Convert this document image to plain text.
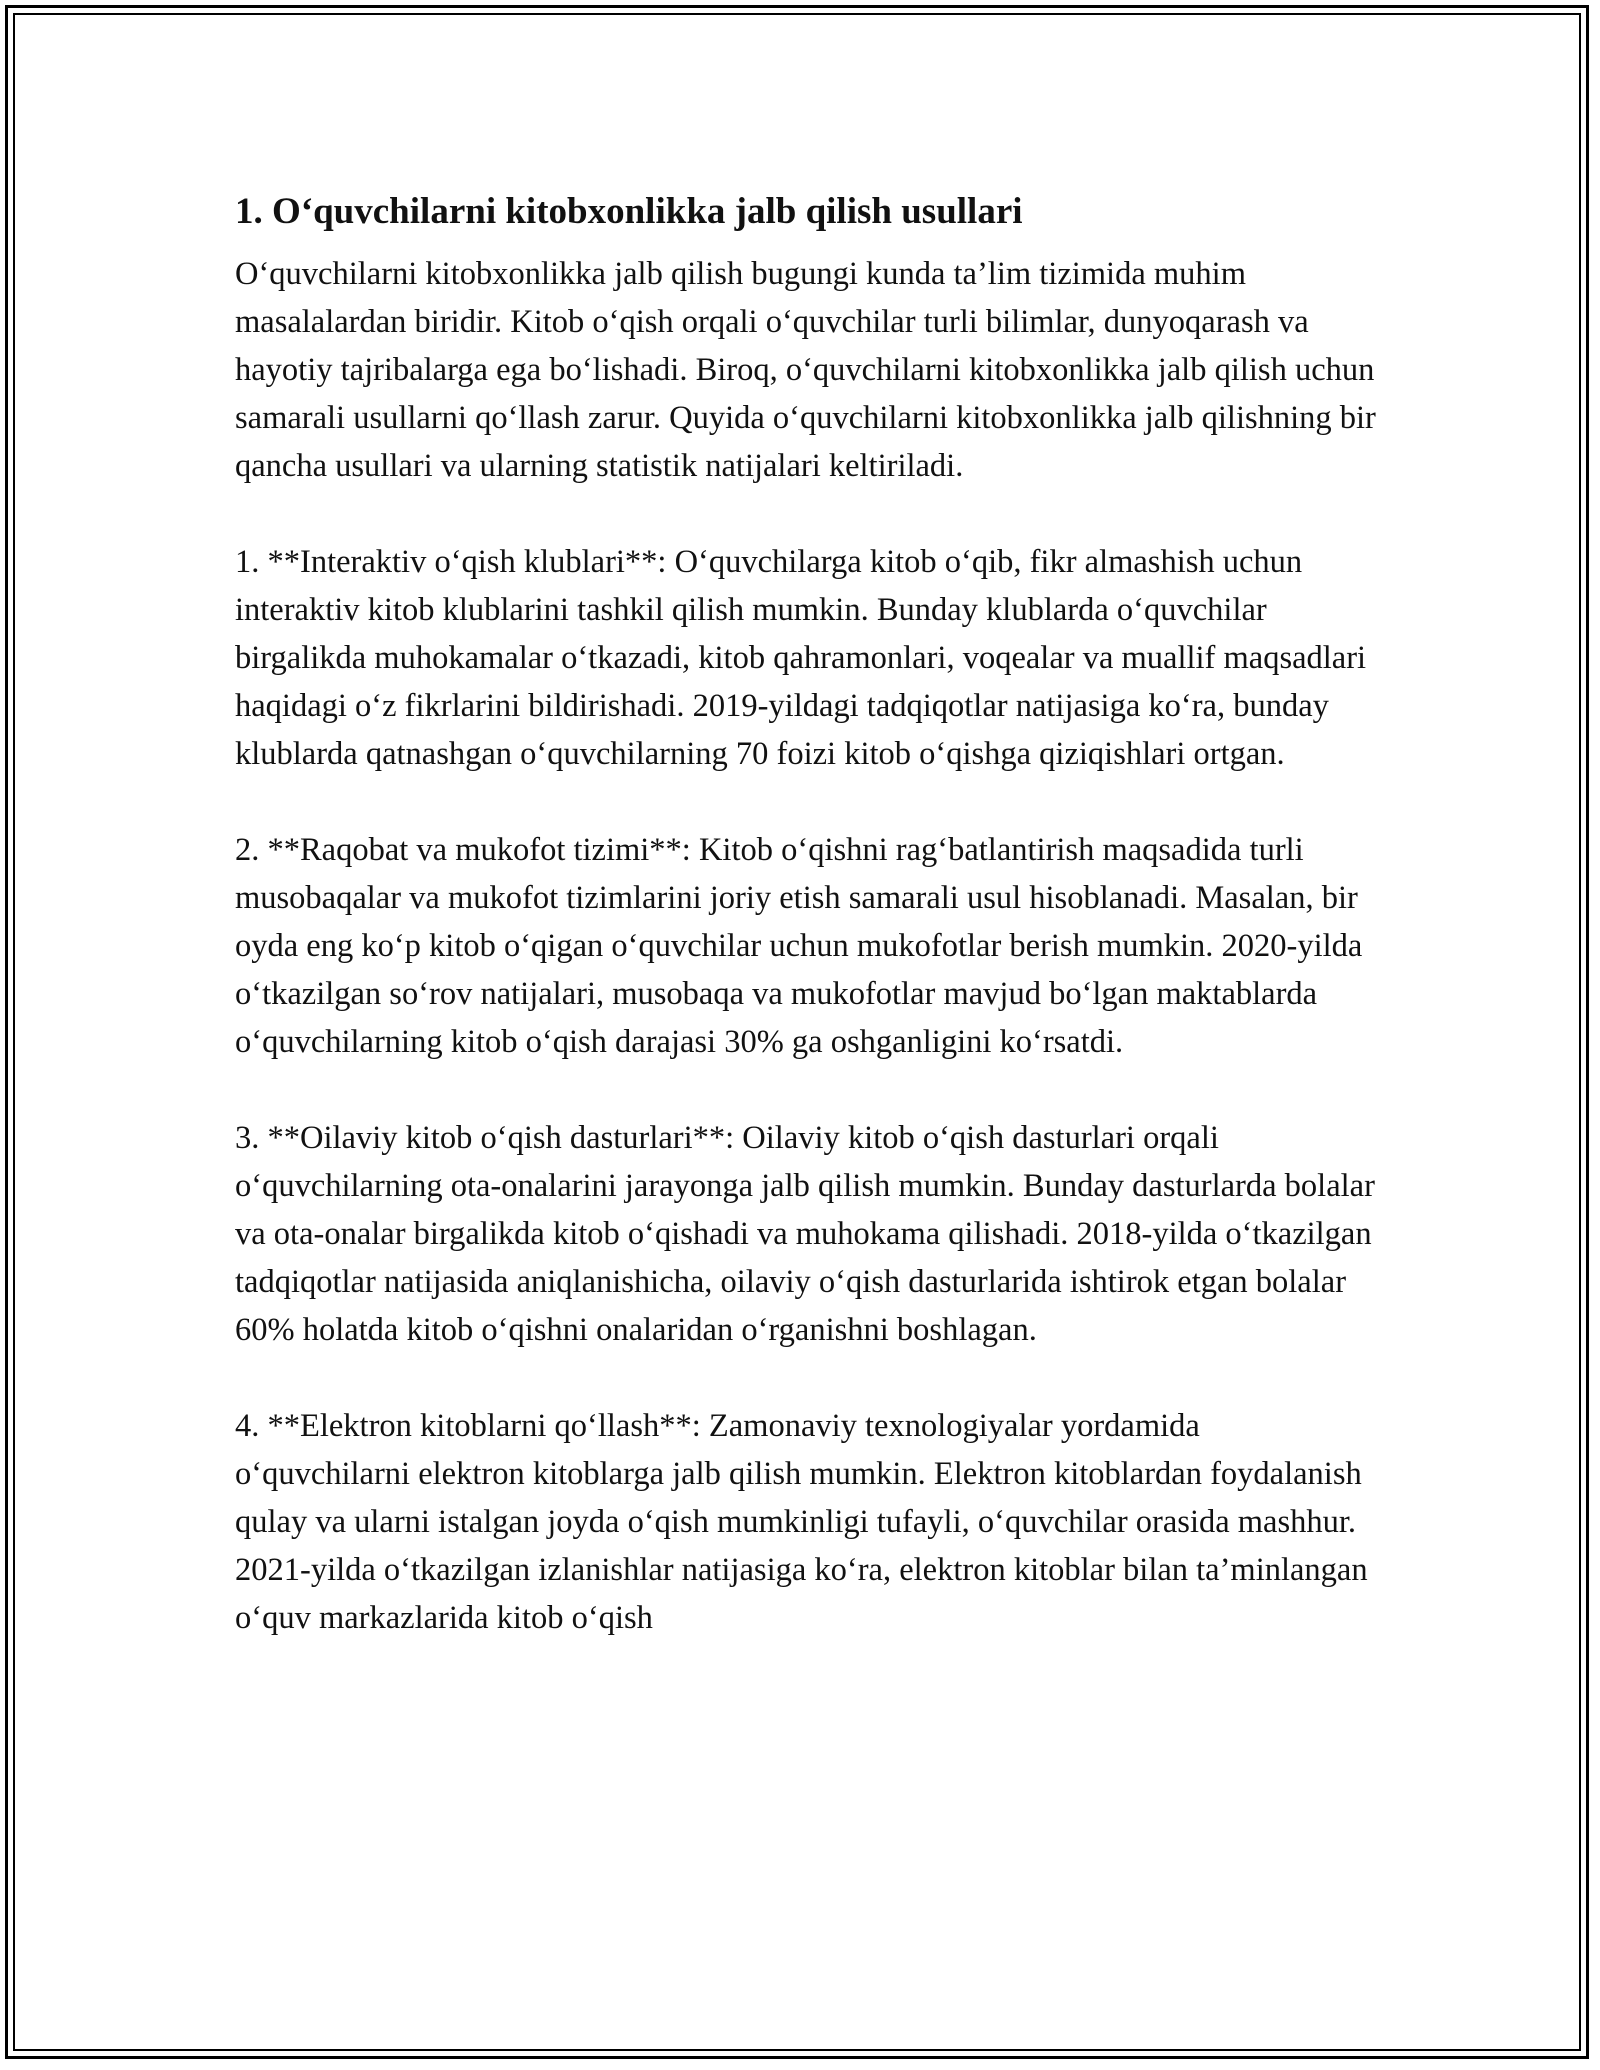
1. O‘quvchilarni kitobxonlikka jalb qilish usullari

O‘quvchilarni kitobxonlikka jalb qilish bugungi kunda ta’lim tizimida muhim masalalardan biridir. Kitob o‘qish orqali o‘quvchilar turli bilimlar, dunyoqarash va hayotiy tajribalarga ega bo‘lishadi. Biroq, o‘quvchilarni kitobxonlikka jalb qilish uchun samarali usullarni qo‘llash zarur. Quyida o‘quvchilarni kitobxonlikka jalb qilishning bir qancha usullari va ularning statistik natijalari keltiriladi.

1. **Interaktiv o‘qish klublari**: O‘quvchilarga kitob o‘qib, fikr almashish uchun interaktiv kitob klublarini tashkil qilish mumkin. Bunday klublarda o‘quvchilar birgalikda muhokamalar o‘tkazadi, kitob qahramonlari, voqealar va muallif maqsadlari haqidagi o‘z fikrlarini bildirishadi. 2019-yildagi tadqiqotlar natijasiga ko‘ra, bunday klublarda qatnashgan o‘quvchilarning 70 foizi kitob o‘qishga qiziqishlari ortgan.

2. **Raqobat va mukofot tizimi**: Kitob o‘qishni rag‘batlantirish maqsadida turli musobaqalar va mukofot tizimlarini joriy etish samarali usul hisoblanadi. Masalan, bir oyda eng ko‘p kitob o‘qigan o‘quvchilar uchun mukofotlar berish mumkin. 2020-yilda o‘tkazilgan so‘rov natijalari, musobaqa va mukofotlar mavjud bo‘lgan maktablarda o‘quvchilarning kitob o‘qish darajasi 30% ga oshganligini ko‘rsatdi.

3. **Oilaviy kitob o‘qish dasturlari**: Oilaviy kitob o‘qish dasturlari orqali o‘quvchilarning ota-onalarini jarayonga jalb qilish mumkin. Bunday dasturlarda bolalar va ota-onalar birgalikda kitob o‘qishadi va muhokama qilishadi. 2018-yilda o‘tkazilgan tadqiqotlar natijasida aniqlanishicha, oilaviy o‘qish dasturlarida ishtirok etgan bolalar 60% holatda kitob o‘qishni onalaridan o‘rganishni boshlagan.

4. **Elektron kitoblarni qo‘llash**: Zamonaviy texnologiyalar yordamida o‘quvchilarni elektron kitoblarga jalb qilish mumkin. Elektron kitoblardan foydalanish qulay va ularni istalgan joyda o‘qish mumkinligi tufayli, o‘quvchilar orasida mashhur. 2021-yilda o‘tkazilgan izlanishlar natijasiga ko‘ra, elektron kitoblar bilan ta’minlangan o‘quv markazlarida kitob o‘qish
